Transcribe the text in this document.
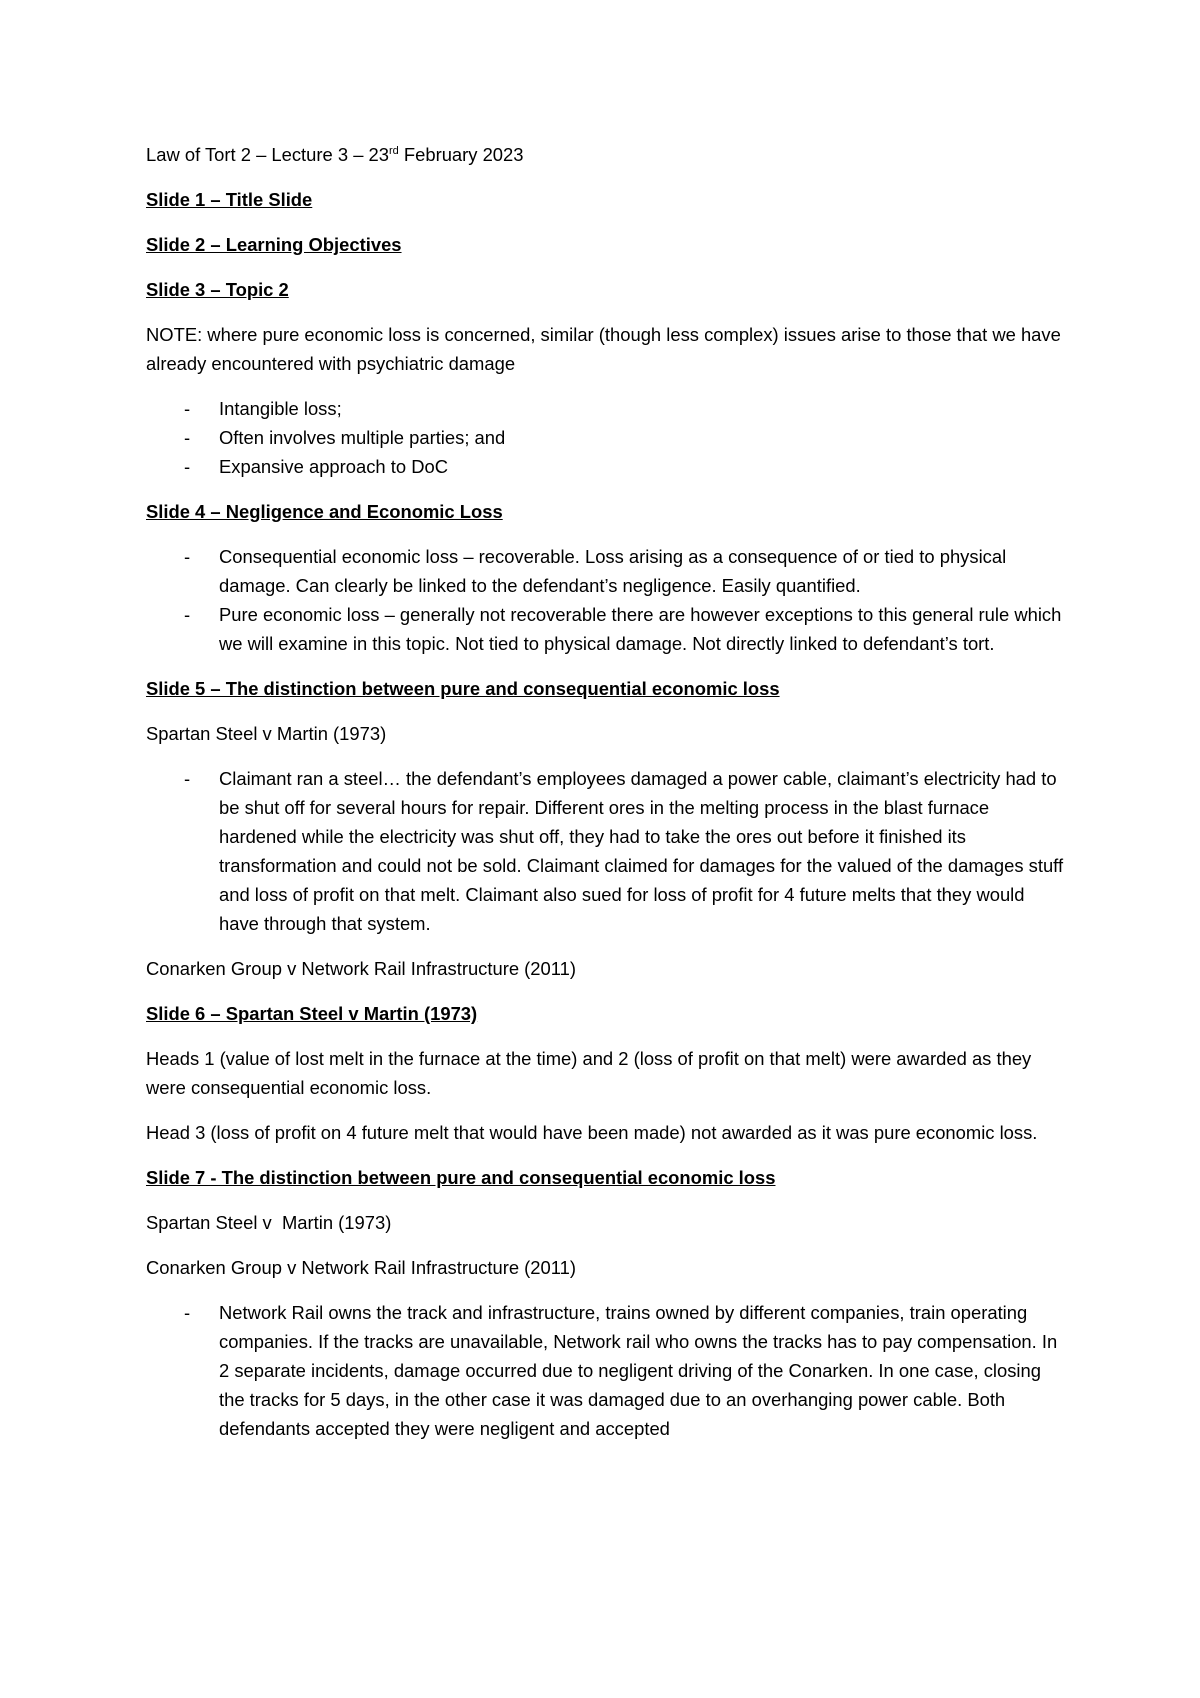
Law of Tort 2 – Lecture 3 – 23rd February 2023

Slide 1 – Title Slide

Slide 2 – Learning Objectives

Slide 3 – Topic 2

NOTE: where pure economic loss is concerned, similar (though less complex) issues arise to those that we have already encountered with psychiatric damage

- Intangible loss;
- Often involves multiple parties; and
- Expansive approach to DoC

Slide 4 – Negligence and Economic Loss

- Consequential economic loss – recoverable. Loss arising as a consequence of or tied to physical damage. Can clearly be linked to the defendant’s negligence. Easily quantified.
- Pure economic loss – generally not recoverable there are however exceptions to this general rule which we will examine in this topic. Not tied to physical damage. Not directly linked to defendant’s tort.

Slide 5 – The distinction between pure and consequential economic loss

Spartan Steel v Martin (1973)

- Claimant ran a steel… the defendant’s employees damaged a power cable, claimant’s electricity had to be shut off for several hours for repair. Different ores in the melting process in the blast furnace hardened while the electricity was shut off, they had to take the ores out before it finished its transformation and could not be sold. Claimant claimed for damages for the valued of the damages stuff and loss of profit on that melt. Claimant also sued for loss of profit for 4 future melts that they would have through that system.

Conarken Group v Network Rail Infrastructure (2011)

Slide 6 – Spartan Steel v Martin (1973)

Heads 1 (value of lost melt in the furnace at the time) and 2 (loss of profit on that melt) were awarded as they were consequential economic loss.

Head 3 (loss of profit on 4 future melt that would have been made) not awarded as it was pure economic loss.

Slide 7 - The distinction between pure and consequential economic loss

Spartan Steel v  Martin (1973)

Conarken Group v Network Rail Infrastructure (2011)

- Network Rail owns the track and infrastructure, trains owned by different companies, train operating companies. If the tracks are unavailable, Network rail who owns the tracks has to pay compensation. In 2 separate incidents, damage occurred due to negligent driving of the Conarken. In one case, closing the tracks for 5 days, in the other case it was damaged due to an overhanging power cable. Both defendants accepted they were negligent and accepted
